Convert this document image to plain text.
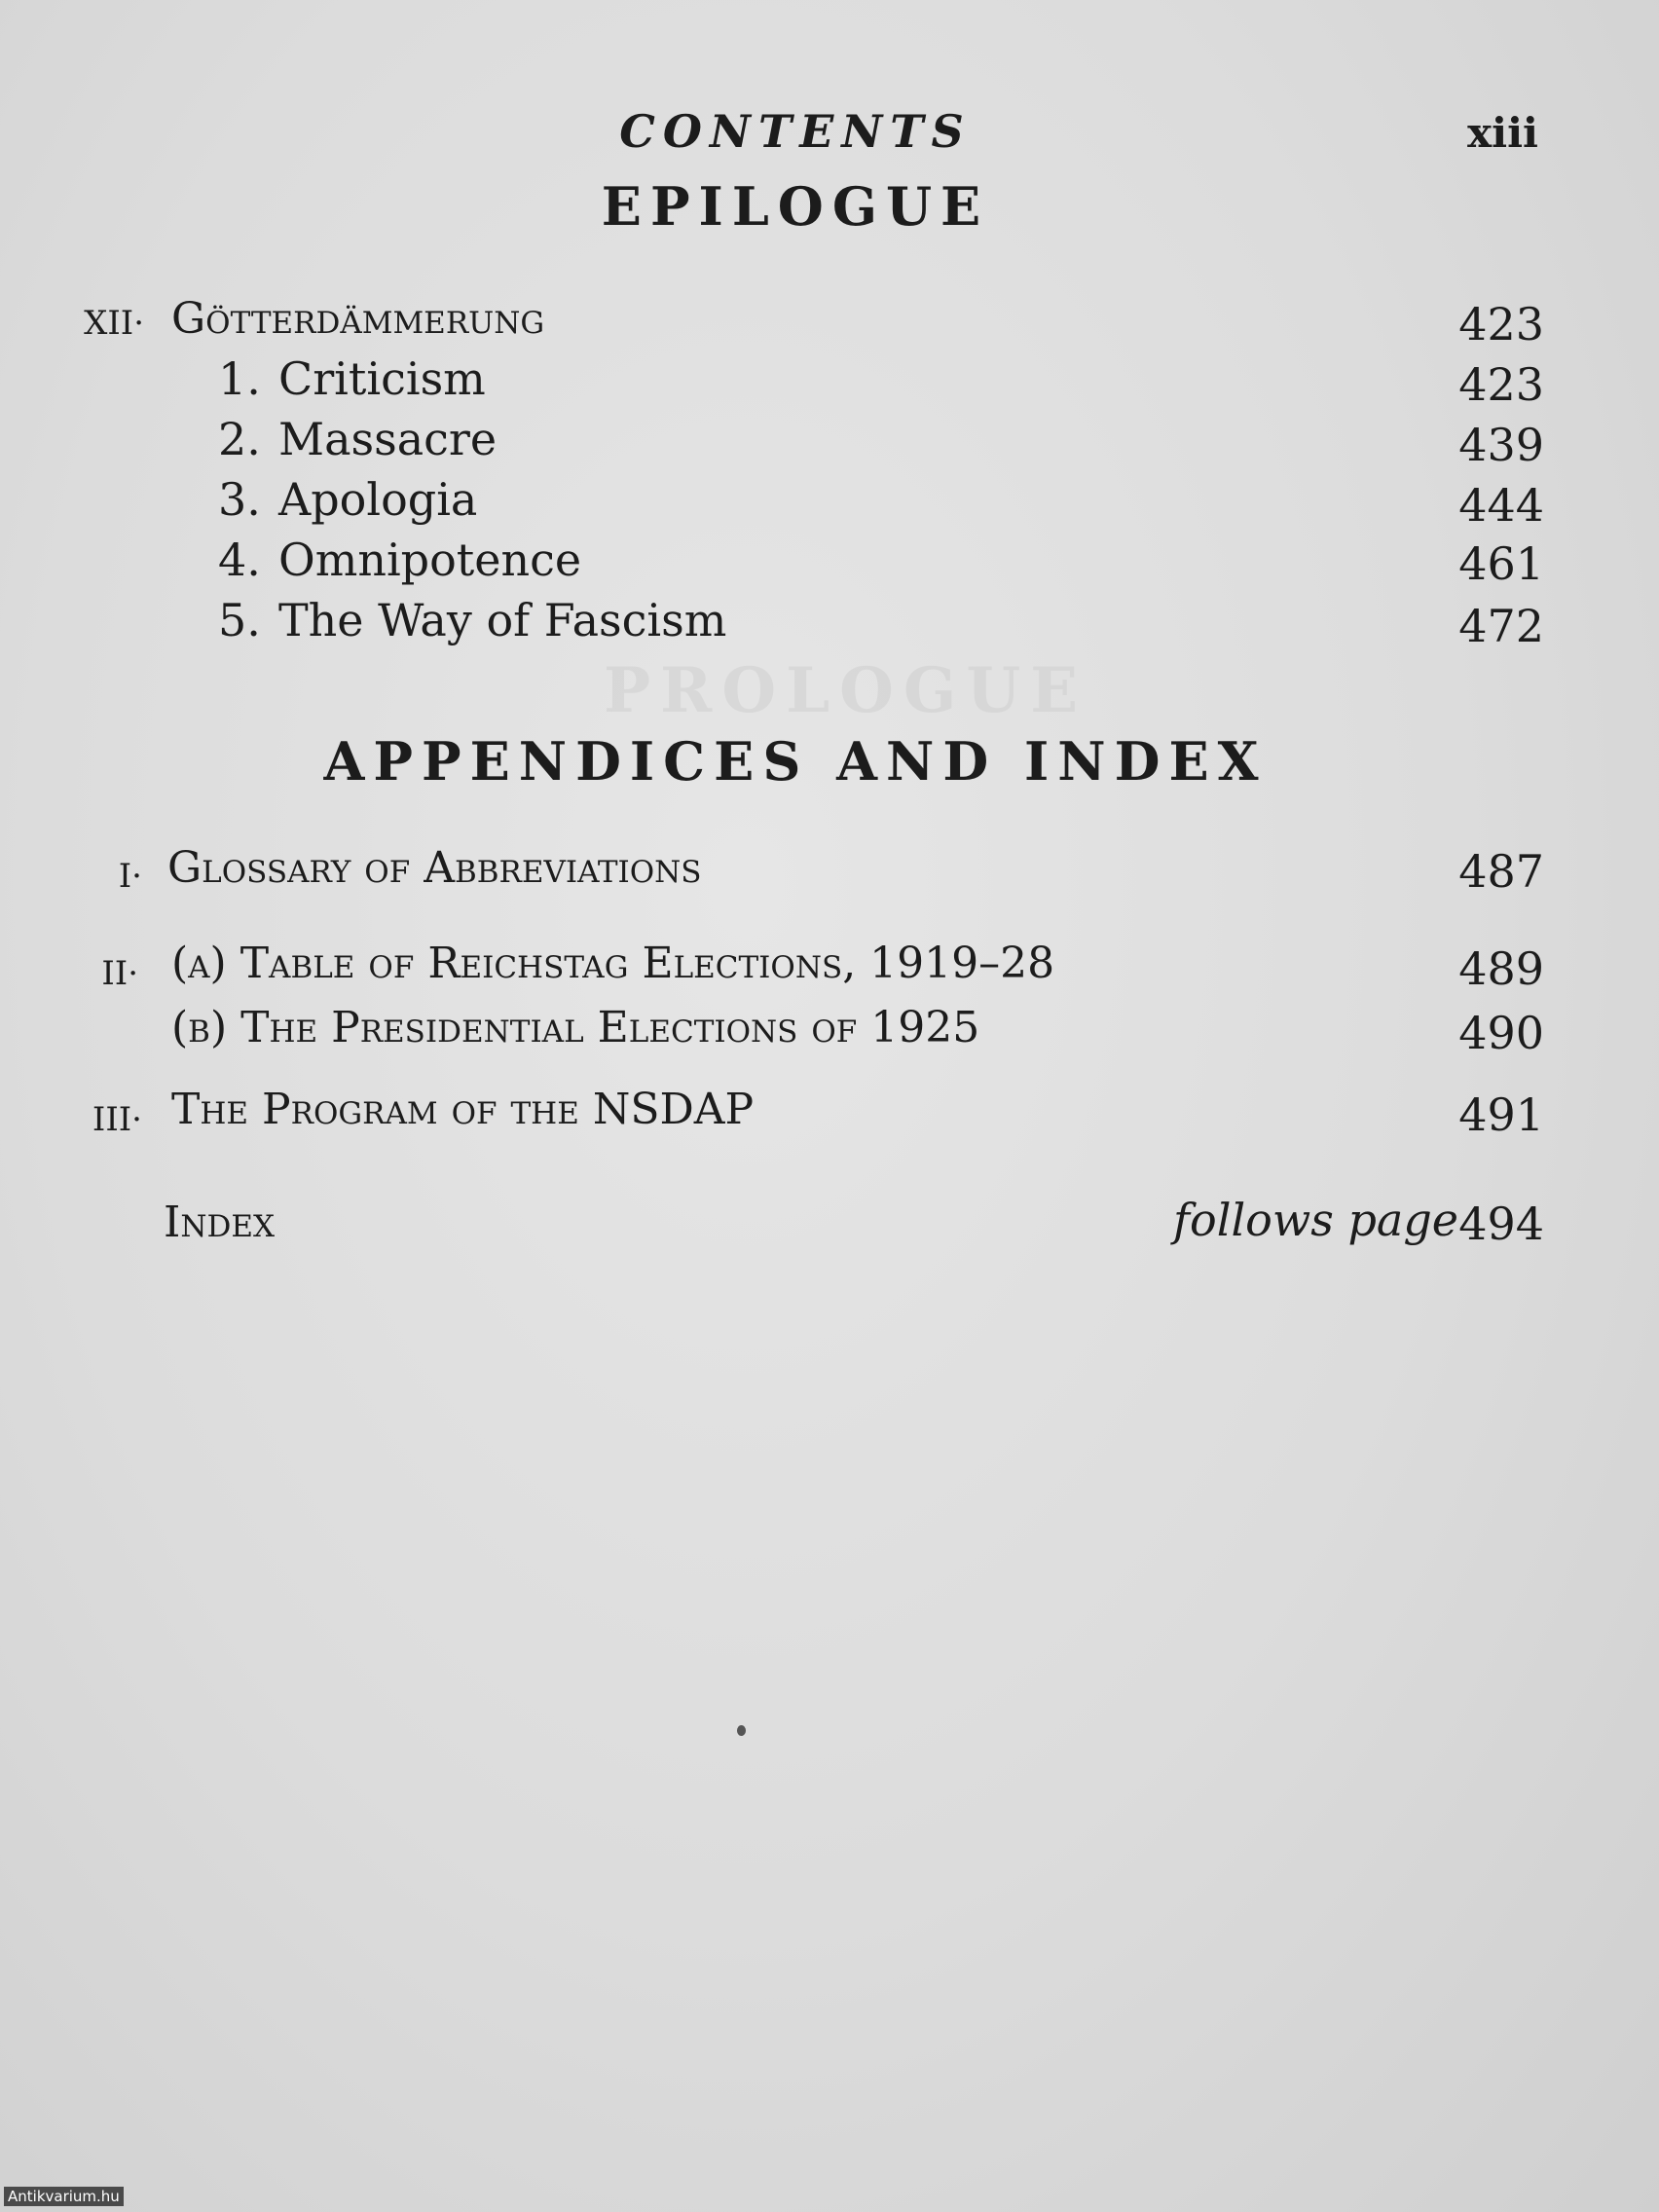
CONTENTS	xiii
EPILOGUE
XII· Götterdämmerung	423
1. Criticism	423
2. Massacre	439
3. Apologia	444
4. Omnipotence	461
5. The Way of Fascism	472
PROLOGUE
APPENDICES AND INDEX
I· Glossary of Abbreviations	487
II· (a) Table of Reichstag Elections, 1919–28	489
(b) The Presidential Elections of 1925	490
III· The Program of the NSDAP	491
Index	follows page 494
Antikvarium.hu
